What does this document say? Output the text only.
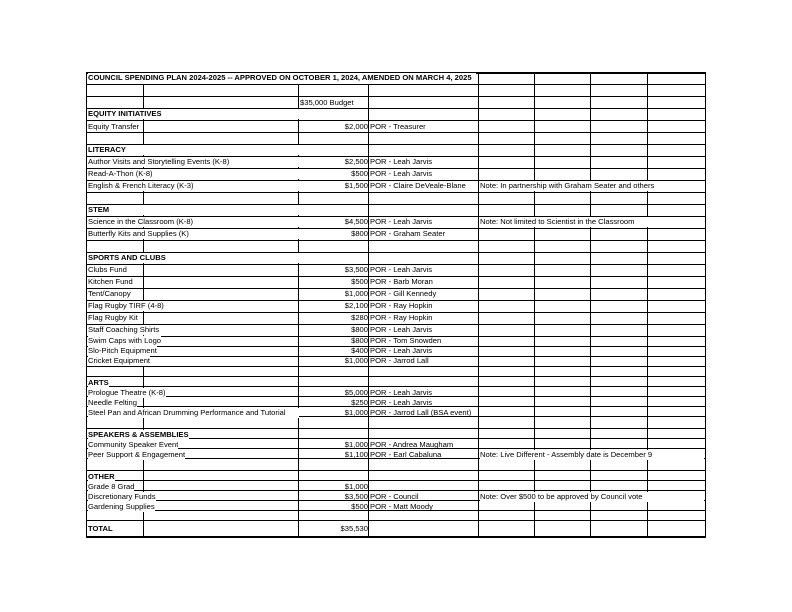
COUNCIL SPENDING PLAN 2024-2025 -- APPROVED ON OCTOBER 1, 2024, AMENDED ON MARCH 4, 2025
$35,000 Budget
EQUITY INITIATIVES
Equity Transfer	$2,000 POR - Treasurer
LITERACY
Author Visits and Storytelling Events (K-8)	$2,500 POR - Leah Jarvis
Read-A-Thon (K-8)	$500 POR - Leah Jarvis
English & French Literacy (K-3)	$1,500 POR - Claire DeVeale-Blane	Note: In partnership with Graham Seater and others
STEM
Science in the Classroom (K-8)	$4,500 POR - Leah Jarvis	Note: Not limited to Scientist in the Classroom
Butterfly Kits and Supplies (K)	$800 POR - Graham Seater
SPORTS AND CLUBS
Clubs Fund	$3,500 POR - Leah Jarvis
Kitchen Fund	$500 POR - Barb Moran
Tent/Canopy	$1,000 POR - Gill Kennedy
Flag Rugby TIRF (4-8)	$2,100 POR - Ray Hopkin
Flag Rugby Kit	$280 POR - Ray Hopkin
Staff Coaching Shirts	$800 POR - Leah Jarvis
Swim Caps with Logo	$800 POR - Tom Snowden
Slo-Pitch Equipment	$400 POR - Leah Jarvis
Cricket Equipment	$1,000 POR - Jarrod Lall
ARTS
Prologue Theatre (K-8)	$5,000 POR - Leah Jarvis
Needle Felting	$250 POR - Leah Jarvis
Steel Pan and African Drumming Performance and Tutorial	$1,000 POR - Jarrod Lall (BSA event)
SPEAKERS & ASSEMBLIES
Community Speaker Event	$1,000 POR - Andrea Maugham
Peer Support & Engagement	$1,100 POR - Earl Cabaluna	Note: Live Different - Assembly date is December 9
OTHER
Grade 8 Grad	$1,000
Discretionary Funds	$3,500 POR - Council	Note: Over $500 to be approved by Council vote
Gardening Supplies	$500 POR - Matt Moody
TOTAL	$35,530
